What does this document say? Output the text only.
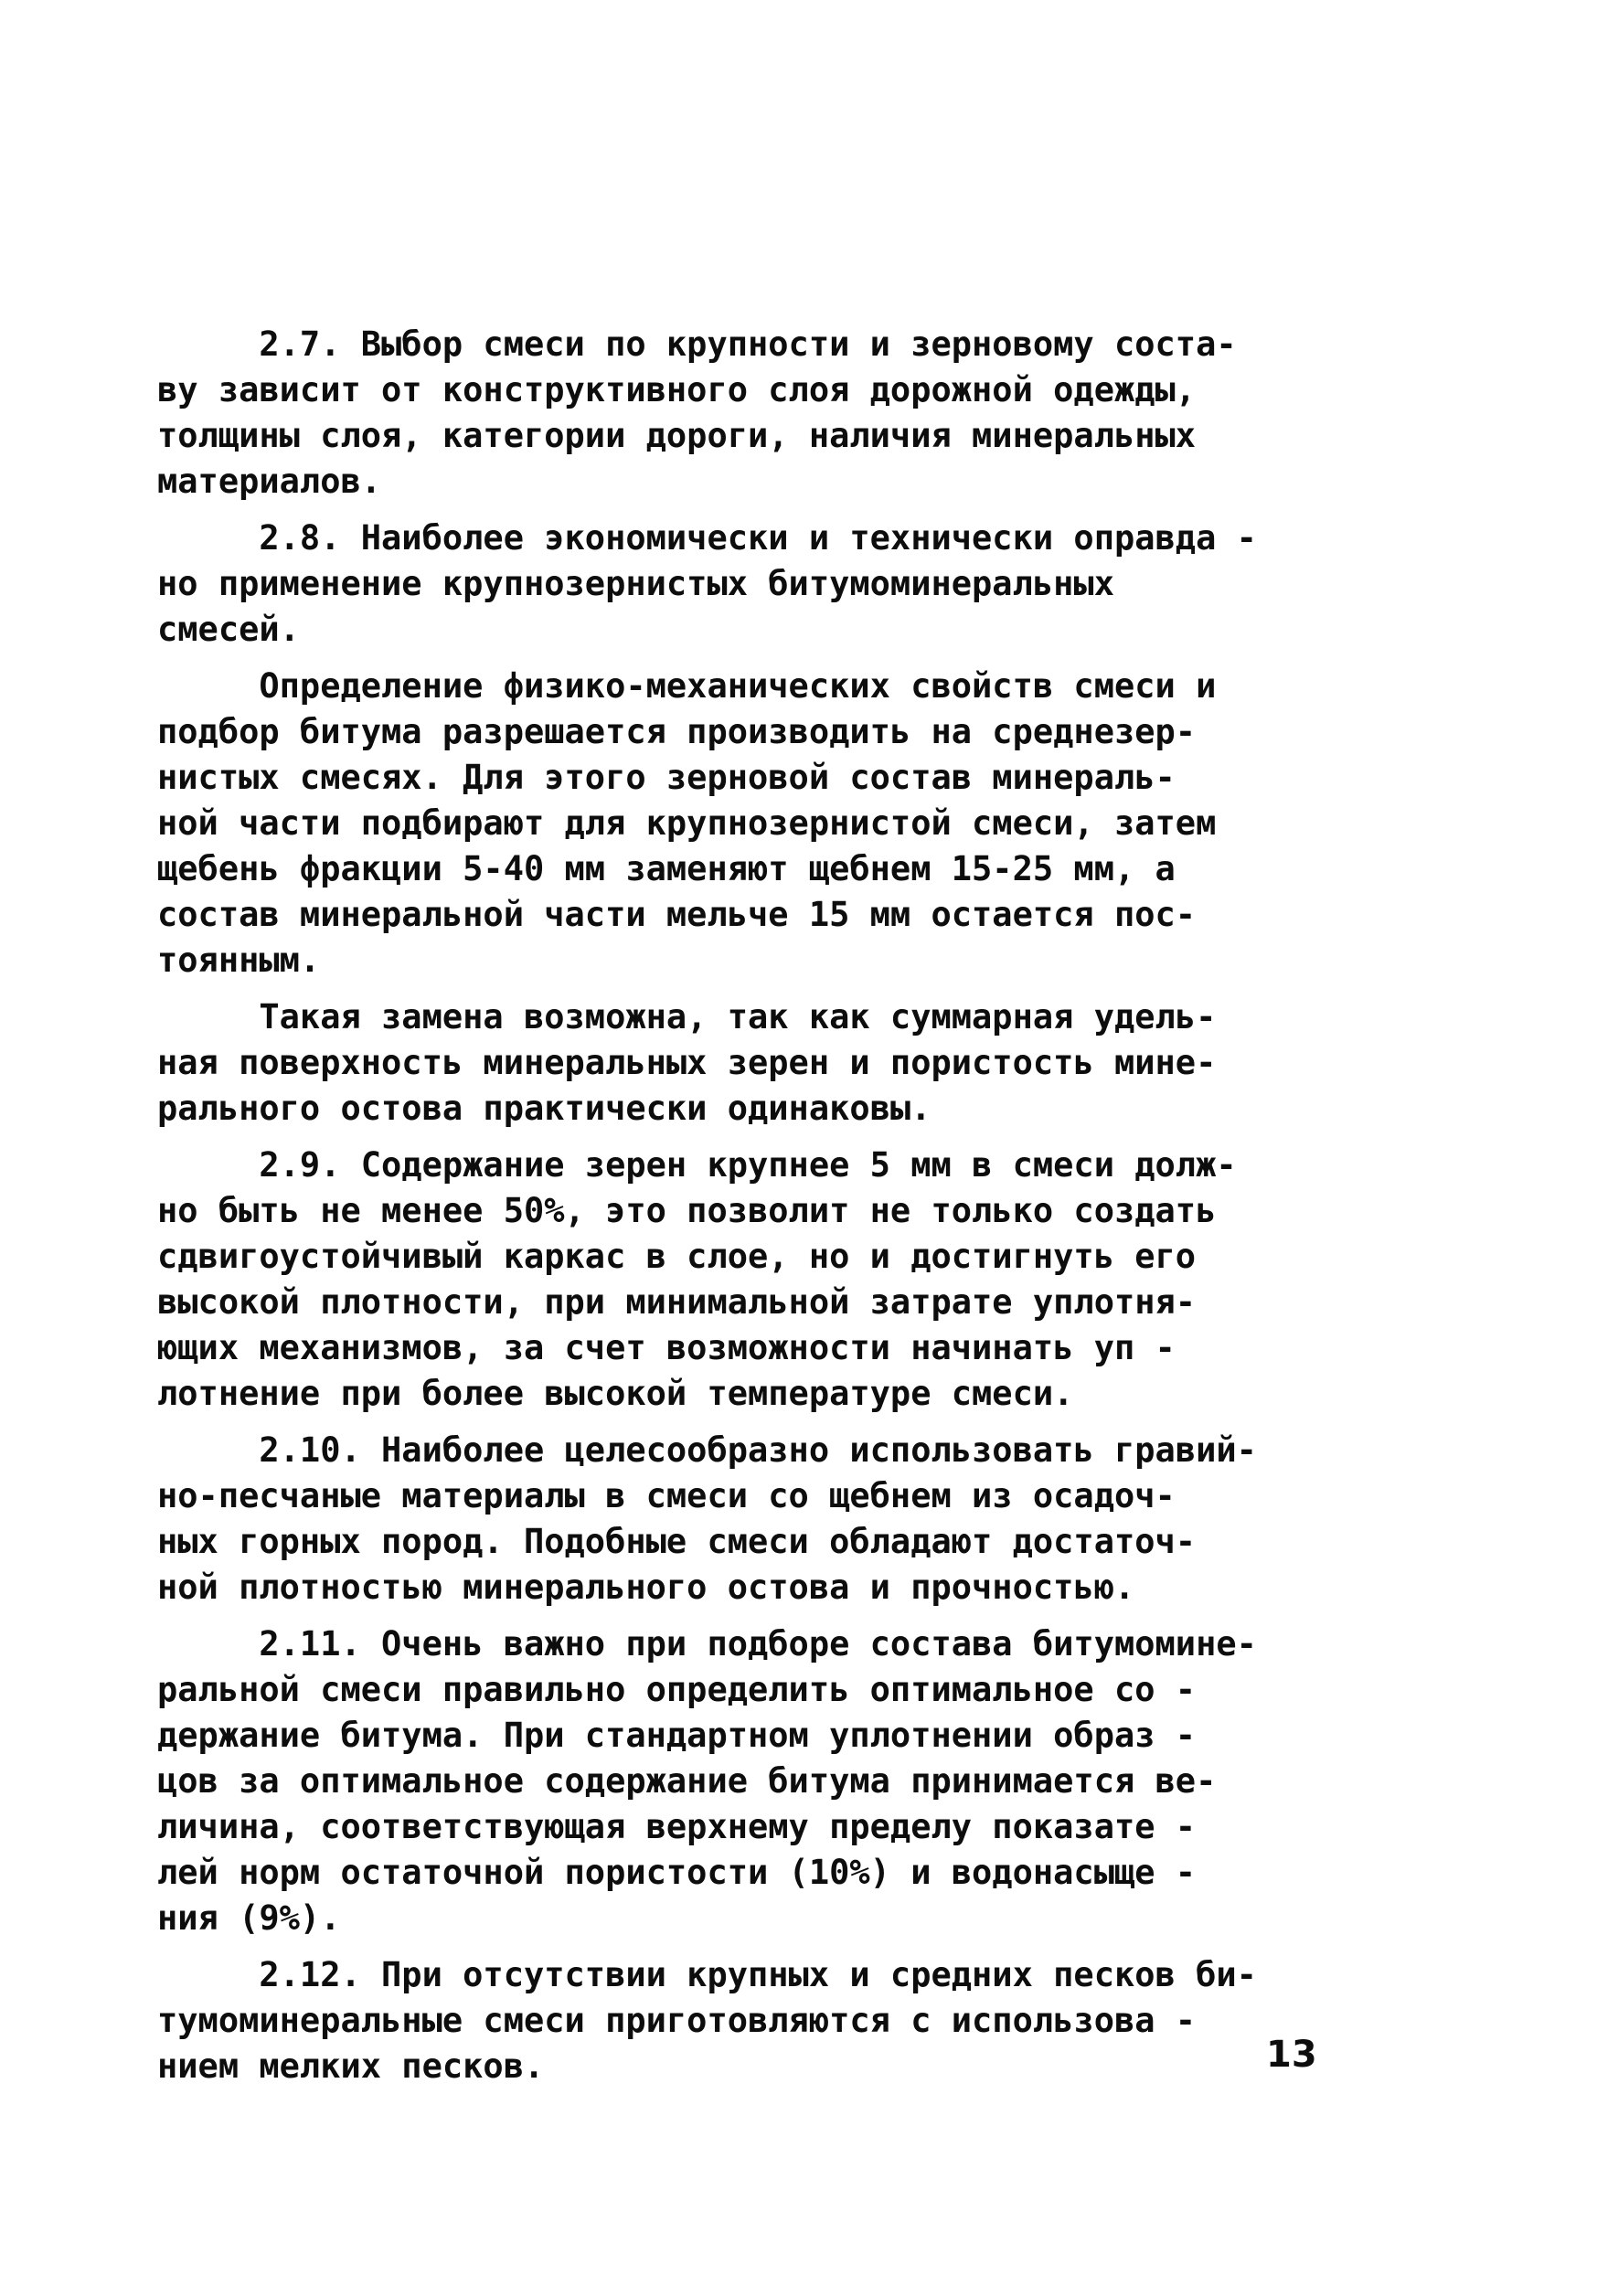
2.7. Выбор смеси по крупности и зерновому соста-
ву зависит от конструктивного слоя дорожной одежды,
толщины слоя, категории дороги, наличия минеральных
материалов.
2.8. Наиболее экономически и технически оправда -
но применение крупнозернистых битумоминеральных
смесей.
Определение физико-механических свойств смеси и
подбор битума разрешается производить на среднезер-
нистых смесях. Для этого зерновой состав минераль-
ной части подбирают для крупнозернистой смеси, затем
щебень фракции 5-40 мм заменяют щебнем 15-25 мм, а
состав минеральной части мельче 15 мм остается пос-
тоянным.
Такая замена возможна, так как суммарная удель-
ная поверхность минеральных зерен и пористость мине-
рального остова практически одинаковы.
2.9. Содержание зерен крупнее 5 мм в смеси долж-
но быть не менее 50%, это позволит не только создать
сдвигоустойчивый каркас в слое, но и достигнуть его
высокой плотности, при минимальной затрате уплотня-
ющих механизмов, за счет возможности начинать уп -
лотнение при более высокой температуре смеси.
2.10. Наиболее целесообразно использовать гравий-
но-песчаные материалы в смеси со щебнем из осадоч-
ных горных пород. Подобные смеси обладают достаточ-
ной плотностью минерального остова и прочностью.
2.11. Очень важно при подборе состава битумомине-
ральной смеси правильно определить оптимальное со -
держание битума. При стандартном уплотнении образ -
цов за оптимальное содержание битума принимается ве-
личина, соответствующая верхнему пределу показате -
лей норм остаточной пористости (10%) и водонасыще -
ния (9%).
2.12. При отсутствии крупных и средних песков би-
тумоминеральные смеси приготовляются с использова -
нием мелких песков.	13
